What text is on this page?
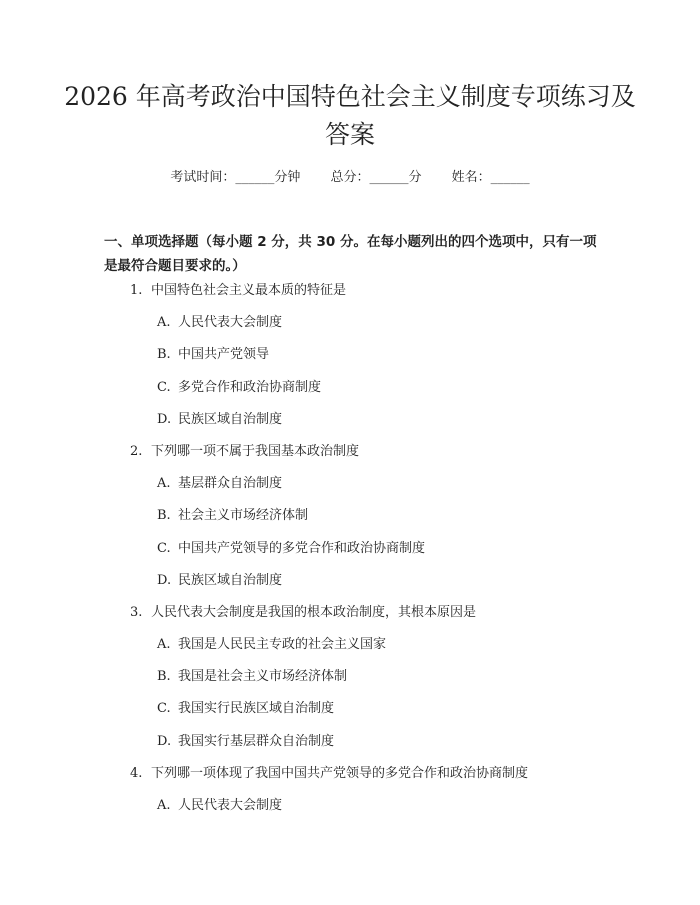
2026 年高考政治中国特色社会主义制度专项练习及答案
考试时间：______分钟 总分：______分 姓名：______
一、单项选择题（每小题 2 分，共 30 分。在每小题列出的四个选项中，只有一项是最符合题目要求的。）
1. 中国特色社会主义最本质的特征是
A. 人民代表大会制度
B. 中国共产党领导
C. 多党合作和政治协商制度
D. 民族区域自治制度
2. 下列哪一项不属于我国基本政治制度
A. 基层群众自治制度
B. 社会主义市场经济体制
C. 中国共产党领导的多党合作和政治协商制度
D. 民族区域自治制度
3. 人民代表大会制度是我国的根本政治制度，其根本原因是
A. 我国是人民民主专政的社会主义国家
B. 我国是社会主义市场经济体制
C. 我国实行民族区域自治制度
D. 我国实行基层群众自治制度
4. 下列哪一项体现了我国中国共产党领导的多党合作和政治协商制度
A. 人民代表大会制度
